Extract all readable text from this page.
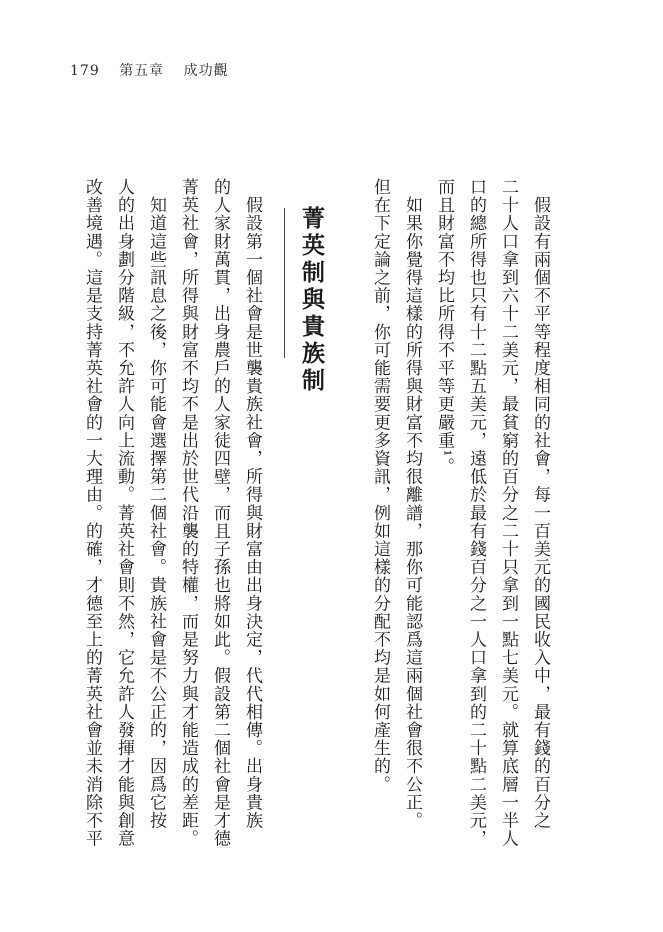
179 第五章 成功觀
　假設有兩個不平等程度相同的社會，每一百美元的國民收入中，最有錢的百分之
二十人口拿到六十二美元，最貧窮的百分之二十只拿到一點七美元。就算底層一半人
口的總所得也只有十二點五美元，遠低於最有錢百分之一人口拿到的二十點二美元，
而且財富不均比所得不平等更嚴重¹。
　如果你覺得這樣的所得與財富不均很離譜，那你可能認爲這兩個社會很不公正。
但在下定論之前，你可能需要更多資訊，例如這樣的分配不均是如何產生的。
菁英制與貴族制
　假設第一個社會是世襲貴族社會，所得與財富由出身決定，代代相傳。出身貴族
的人家財萬貫，出身農戶的人家徒四壁，而且子孫也將如此。假設第二個社會是才德
菁英社會，所得與財富不均不是出於世代沿襲的特權，而是努力與才能造成的差距。
　知道這些訊息之後，你可能會選擇第二個社會。貴族社會是不公正的，因爲它按
人的出身劃分階級，不允許人向上流動。菁英社會則不然，它允許人發揮才能與創意
改善境遇。這是支持菁英社會的一大理由。的確，才德至上的菁英社會並未消除不平
